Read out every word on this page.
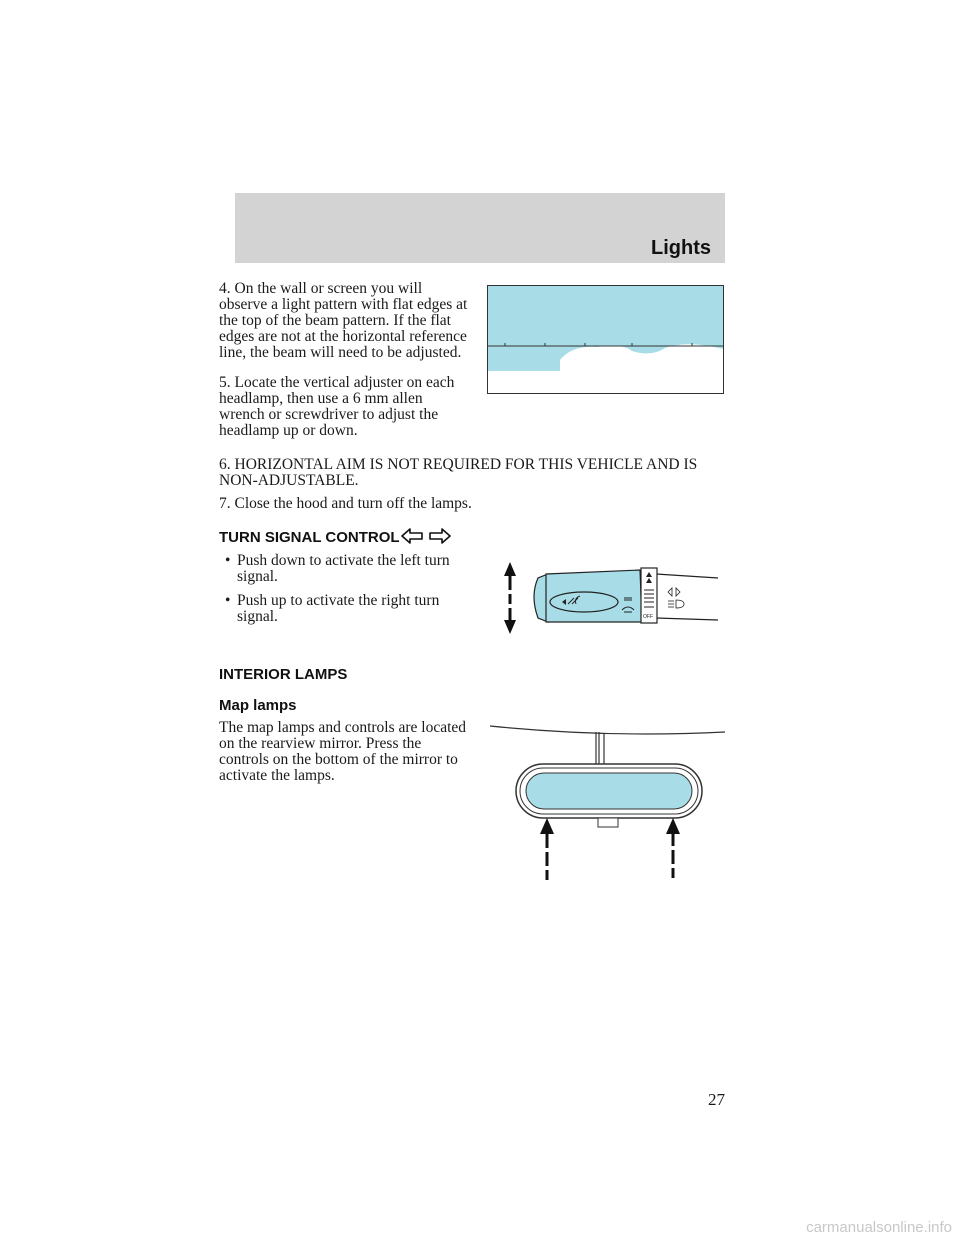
Lights

4. On the wall or screen you will observe a light pattern with flat edges at the top of the beam pattern. If the flat edges are not at the horizontal reference line, the beam will need to be adjusted.

5. Locate the vertical adjuster on each headlamp, then use a 6 mm allen wrench or screwdriver to adjust the headlamp up or down.

6. HORIZONTAL AIM IS NOT REQUIRED FOR THIS VEHICLE AND IS NON-ADJUSTABLE.

7. Close the hood and turn off the lamps.

TURN SIGNAL CONTROL
• Push down to activate the left turn signal.
• Push up to activate the right turn signal.	OFF
INTERIOR LAMPS
Map lamps

The map lamps and controls are located on the rearview mirror. Press the controls on the bottom of the mirror to activate the lamps.

27
carmanualsonline.info
